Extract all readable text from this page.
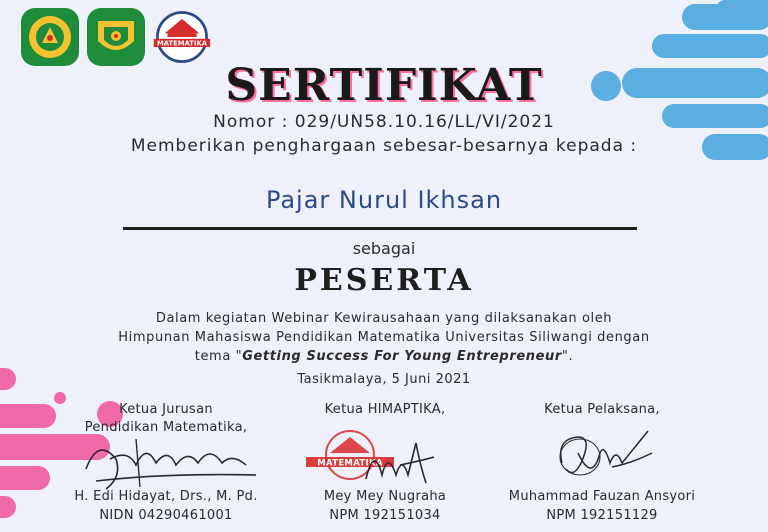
MATEMATIKA
SERTIFIKAT
Nomor : 029/UN58.10.16/LL/VI/2021
Memberikan penghargaan sebesar-besarnya kepada :
Pajar Nurul Ikhsan
sebagai
PESERTA
Dalam kegiatan Webinar Kewirausahaan yang dilaksanakan oleh
Himpunan Mahasiswa Pendidikan Matematika Universitas Siliwangi dengan
tema "Getting Success For Young Entrepreneur".
Tasikmalaya, 5 Juni 2021
Ketua Jurusan
Pendidikan Matematika,
H. Edi Hidayat, Drs., M. Pd.
NIDN 04290461001
Ketua HIMAPTIKA,
MATEMATIKA
Mey Mey Nugraha
NPM 192151034
Ketua Pelaksana,
Muhammad Fauzan Ansyori
NPM 192151129
